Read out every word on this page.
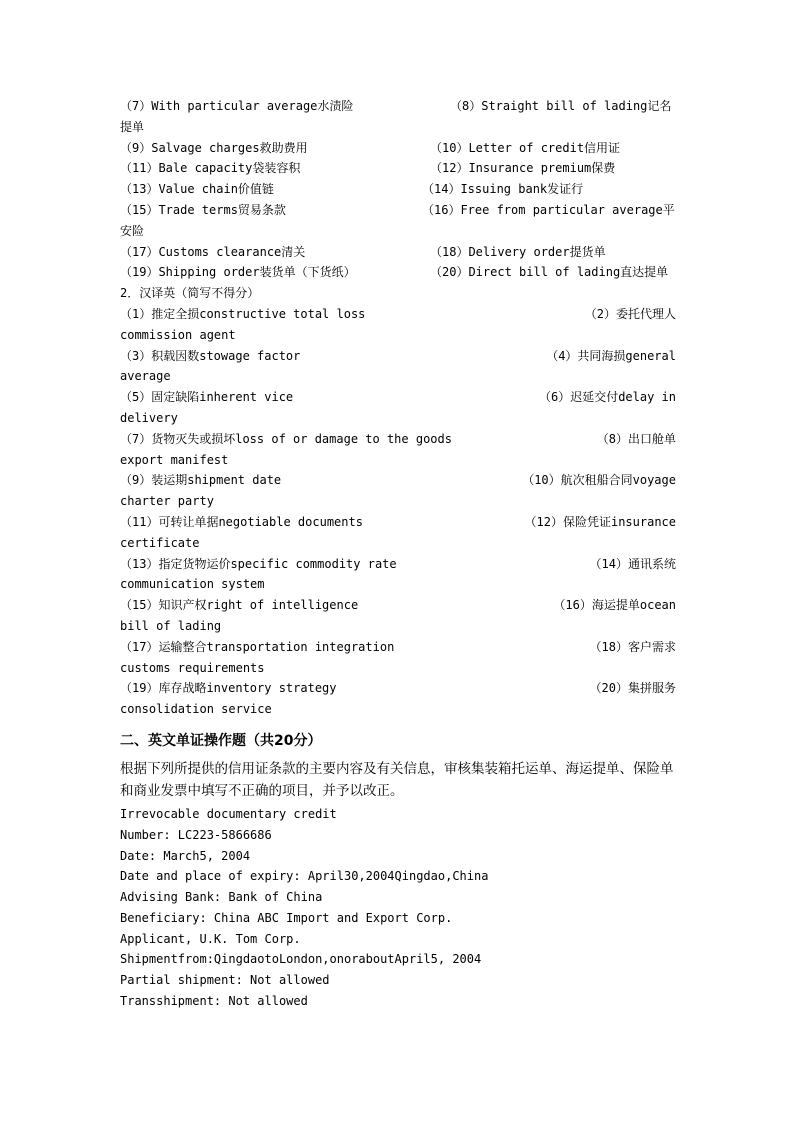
（7）With particular average水渍险	（8）Straight bill of lading记名
提单
（9）Salvage charges救助费用	（10）Letter of credit信用证
（11）Bale capacity袋装容积	（12）Insurance premium保费
（13）Value chain价值链	（14）Issuing bank发证行
（15）Trade terms贸易条款	（16）Free from particular average平
安险
（17）Customs clearance清关	（18）Delivery order提货单
（19）Shipping order装货单（下货纸）	（20）Direct bill of lading直达提单
2．汉译英（简写不得分）
（1）推定全损constructive total loss	（2）委托代理人
commission agent
（3）积载因数stowage factor	（4）共同海损general
average
（5）固定缺陷inherent vice	（6）迟延交付delay in
delivery
（7）货物灭失或损坏loss of or damage to the goods	（8）出口舱单
export manifest
（9）装运期shipment date	（10）航次租船合同voyage
charter party
（11）可转让单据negotiable documents	（12）保险凭证insurance
certificate
（13）指定货物运价specific commodity rate	（14）通讯系统
communication system
（15）知识产权right of intelligence	（16）海运提单ocean
bill of lading
（17）运输整合transportation integration	（18）客户需求
customs requirements
（19）库存战略inventory strategy	（20）集拼服务
consolidation service
二、英文单证操作题（共20分）
根据下列所提供的信用证条款的主要内容及有关信息，审核集装箱托运单、海运提单、保险单和商业发票中填写不正确的项目，并予以改正。
Irrevocable documentary credit
Number: LC223-5866686
Date: March5, 2004
Date and place of expiry: April30,2004Qingdao,China
Advising Bank: Bank of China
Beneficiary: China ABC Import and Export Corp.
Applicant, U.K. Tom Corp.
Shipmentfrom:QingdaotoLondon,onoraboutApril5, 2004
Partial shipment: Not allowed
Transshipment: Not allowed
